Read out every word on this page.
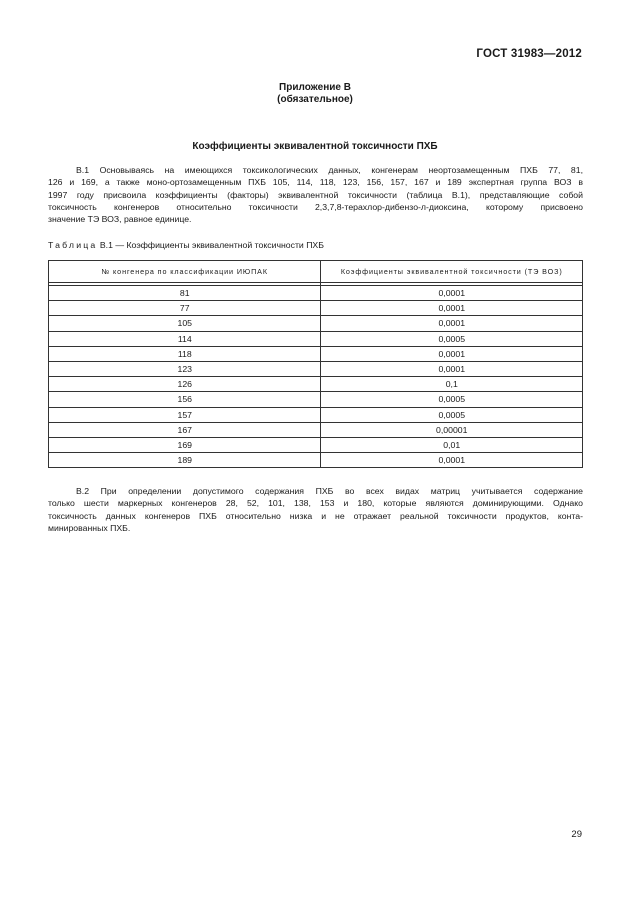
ГОСТ 31983—2012
Приложение В
(обязательное)
Коэффициенты эквивалентной токсичности ПХБ
В.1 Основываясь на имеющихся токсикологических данных, конгенерам неортозамещенным ПХБ 77, 81,
126 и 169, а также моно-ортозамещенным ПХБ 105, 114, 118, 123, 156, 157, 167 и 189 экспертная группа ВОЗ в
1997 году присвоила коэффициенты (факторы) эквивалентной токсичности (таблица В.1), представляющие собой
токсичность конгенеров относительно токсичности 2,3,7,8-терахлор-дибензо-л-диоксина, которому присвоено
значение ТЭ ВОЗ, равное единице.
Таблица В.1 — Коэффициенты эквивалентной токсичности ПХБ
№ конгенера по классификации ИЮПАК	Коэффициенты эквивалентной токсичности (ТЭ ВОЗ)

81	0,0001
77	0,0001
105	0,0001
114	0,0005
118	0,0001
123	0,0001
126	0,1
156	0,0005
157	0,0005
167	0,00001
169	0,01
189	0,0001
В.2 При определении допустимого содержания ПХБ во всех видах матриц учитывается содержание
только шести маркерных конгенеров 28, 52, 101, 138, 153 и 180, которые являются доминирующими. Однако
токсичность данных конгенеров ПХБ относительно низка и не отражает реальной токсичности продуктов, конта-
минированных ПХБ.
29
